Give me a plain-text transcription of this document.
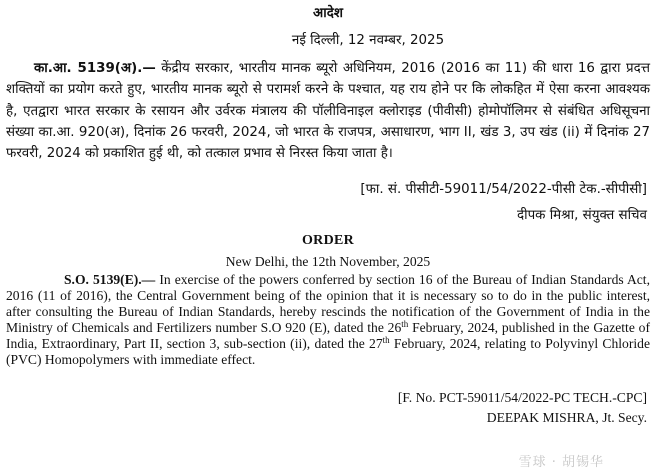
आदेश

नई दिल्ली, 12 नवम्बर, 2025

का.आ. 5139(अ).— केंद्रीय सरकार, भारतीय मानक ब्यूरो अधिनियम, 2016 (2016 का 11) की धारा 16 द्वारा प्रदत्त शक्तियों का प्रयोग करते हुए, भारतीय मानक ब्यूरो से परामर्श करने के पश्चात, यह राय होने पर कि लोकहित में ऐसा करना आवश्यक है, एतद्वारा भारत सरकार के रसायन और उर्वरक मंत्रालय की पॉलीविनाइल क्लोराइड (पीवीसी) होमोपॉलिमर से संबंधित अधिसूचना संख्या का.आ. 920(अ), दिनांक 26 फरवरी, 2024, जो भारत के राजपत्र, असाधारण, भाग II, खंड 3, उप खंड (ii) में दिनांक 27 फरवरी, 2024 को प्रकाशित हुई थी, को तत्काल प्रभाव से निरस्त किया जाता है।

[फा. सं. पीसीटी-59011/54/2022-पीसी टेक.-सीपीसी]

दीपक मिश्रा, संयुक्त सचिव

ORDER

New Delhi, the 12th November, 2025

S.O. 5139(E).— In exercise of the powers conferred by section 16 of the Bureau of Indian Standards Act, 2016 (11 of 2016), the Central Government being of the opinion that it is necessary so to do in the public interest, after consulting the Bureau of Indian Standards, hereby rescinds the notification of the Government of India in the Ministry of Chemicals and Fertilizers number S.O 920 (E), dated the 26th February, 2024, published in the Gazette of India, Extraordinary, Part II, section 3, sub-section (ii), dated the 27th February, 2024, relating to Polyvinyl Chloride (PVC) Homopolymers with immediate effect.

[F. No. PCT-59011/54/2022-PC TECH.-CPC]

DEEPAK MISHRA, Jt. Secy.

雪球 · 胡锡华
